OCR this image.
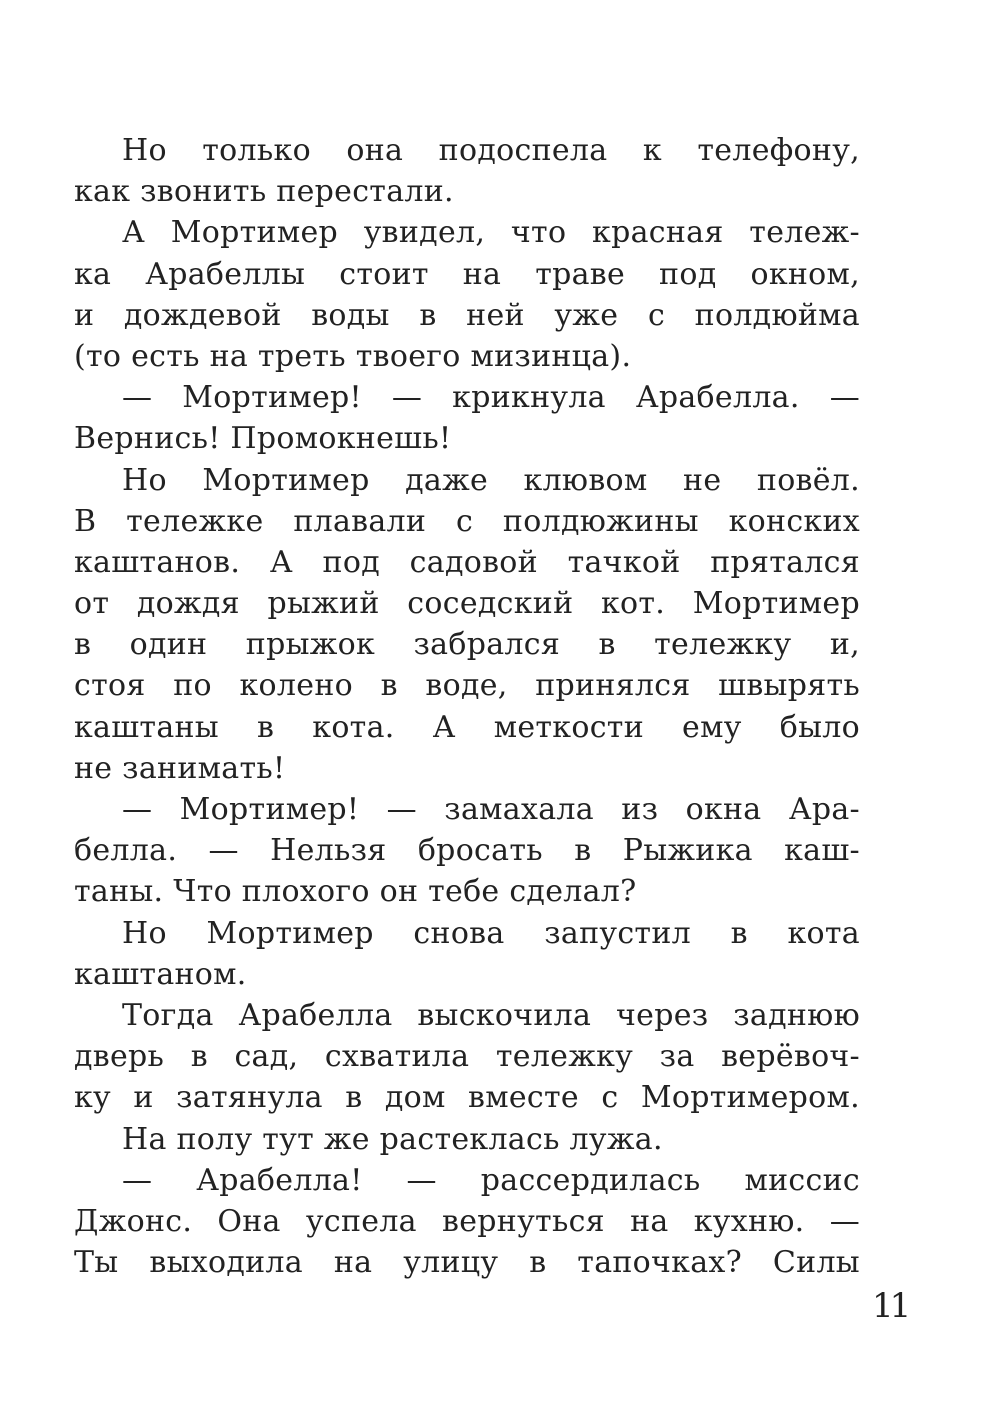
Но только она подоспела к телефону,
как звонить перестали.
А Мортимер увидел, что красная тележ-
ка Арабеллы стоит на траве под окном,
и дождевой воды в ней уже с полдюйма
(то есть на треть твоего мизинца).
— Мортимер! — крикнула Арабелла. —
Вернись! Промокнешь!
Но Мортимер даже клювом не повёл.
В тележке плавали с полдюжины конских
каштанов. А под садовой тачкой прятался
от дождя рыжий соседский кот. Мортимер
в один прыжок забрался в тележку и,
стоя по колено в воде, принялся швырять
каштаны в кота. А меткости ему было
не занимать!
— Мортимер! — замахала из окна Ара-
белла. — Нельзя бросать в Рыжика каш-
таны. Что плохого он тебе сделал?
Но Мортимер снова запустил в кота
каштаном.
Тогда Арабелла выскочила через заднюю
дверь в сад, схватила тележку за верёвоч-
ку и затянула в дом вместе с Мортимером.
На полу тут же растеклась лужа.
— Арабелла! — рассердилась миссис
Джонс. Она успела вернуться на кухню. —
Ты выходила на улицу в тапочках? Силы
11
